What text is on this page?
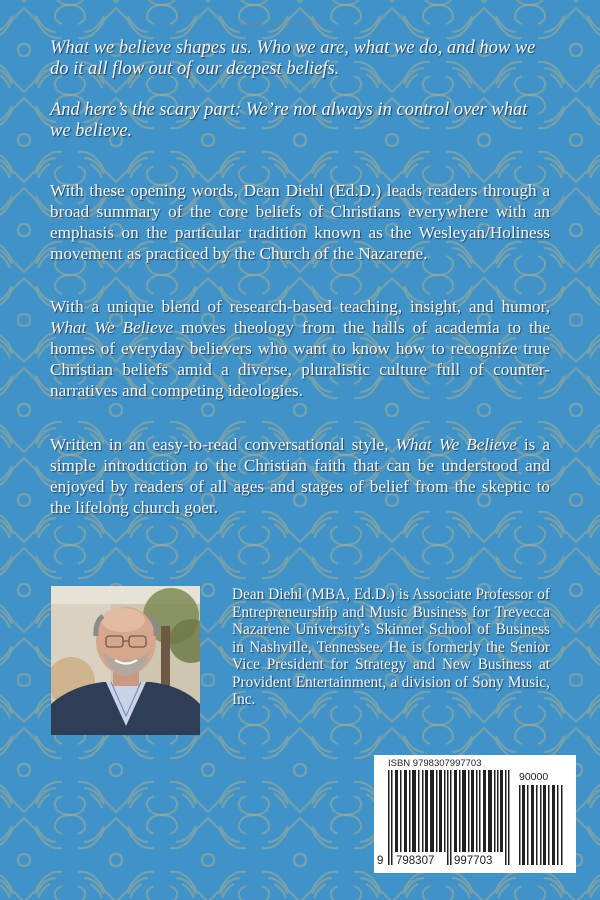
Image not available

What we believe shapes us. Who we are, what we do, and how we do it all flow out of our deepest beliefs.

And here’s the scary part: We’re not always in control over what we believe.

With these opening words, Dean Diehl (Ed.D.) leads readers through a broad summary of the core beliefs of Christians everywhere with an emphasis on the particular tradition known as the Wesleyan/Holiness movement as practiced by the Church of the Nazarene.

With a unique blend of research-based teaching, insight, and humor, What We Believe moves theology from the halls of academia to the homes of everyday believers who want to know how to recognize true Christian beliefs amid a diverse, pluralistic culture full of counter-narratives and competing ideologies.

Written in an easy-to-read conversational style, What We Believe is a simple introduction to the Christian faith that can be understood and enjoyed by readers of all ages and stages of belief from the skeptic to the lifelong church goer.

Dean Diehl (MBA, Ed.D.) is Associate Professor of Entrepreneurship and Music Business for Trevecca Nazarene University’s Skinner School of Business in Nashville, Tennessee. He is formerly the Senior Vice President for Strategy and New Business at Provident Entertainment, a division of Sony Music, Inc.

ISBN 9798307997703
90000
9 798307 997703
